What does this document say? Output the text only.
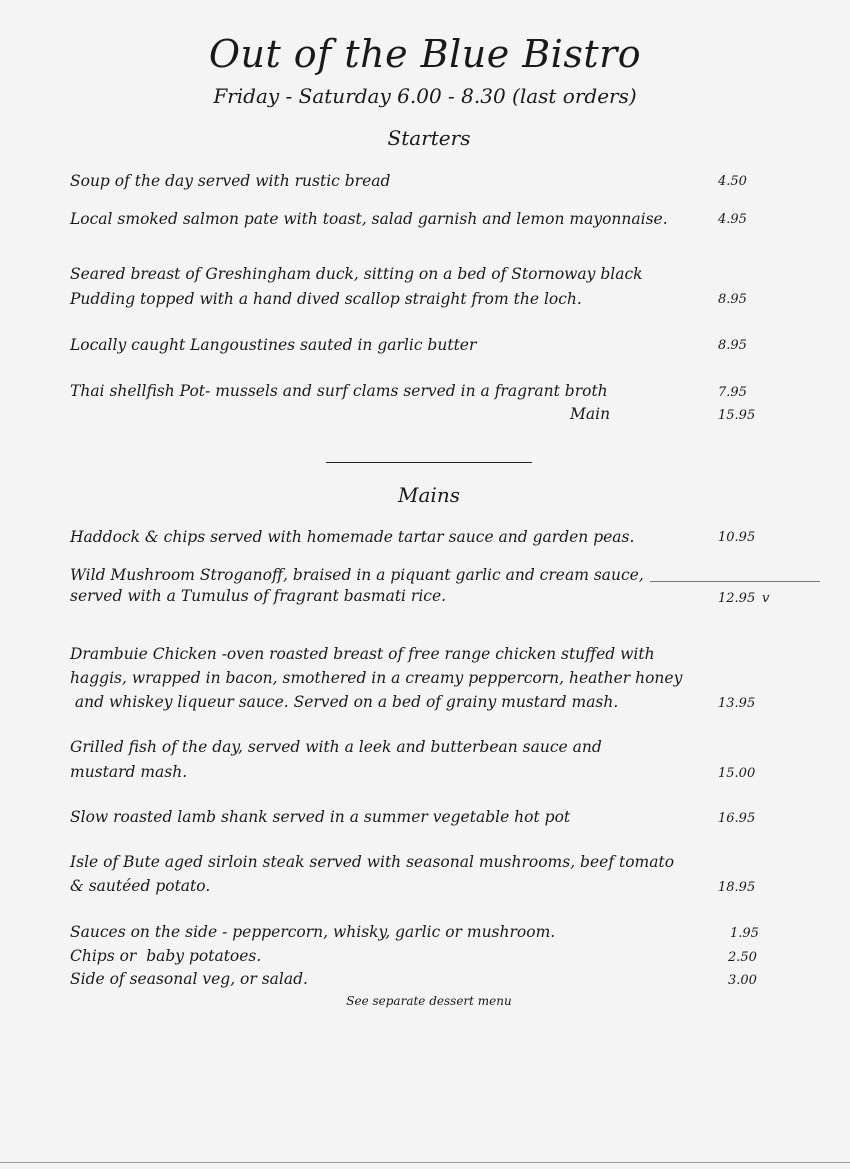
Out of the Blue Bistro
Friday - Saturday 6.00 - 8.30 (last orders)
Starters
Soup of the day served with rustic bread	4.50
Local smoked salmon pate with toast, salad garnish and lemon mayonnaise.	4.95
Seared breast of Greshingham duck, sitting on a bed of Stornoway black
Pudding topped with a hand dived scallop straight from the loch.	8.95
Locally caught Langoustines sauted in garlic butter	8.95
Thai shellfish Pot- mussels and surf clams served in a fragrant broth	7.95
Main	15.95
Mains
Haddock & chips served with homemade tartar sauce and garden peas.	10.95
Wild Mushroom Stroganoff, braised in a piquant garlic and cream sauce,
served with a Tumulus of fragrant basmati rice.	12.95 v
Drambuie Chicken -oven roasted breast of free range chicken stuffed with
haggis, wrapped in bacon, smothered in a creamy peppercorn, heather honey
and whiskey liqueur sauce. Served on a bed of grainy mustard mash.	13.95
Grilled fish of the day, served with a leek and butterbean sauce and
mustard mash.	15.00
Slow roasted lamb shank served in a summer vegetable hot pot	16.95
Isle of Bute aged sirloin steak served with seasonal mushrooms, beef tomato
& sautéed potato.	18.95
Sauces on the side - peppercorn, whisky, garlic or mushroom.	1.95
Chips or  baby potatoes.	2.50
Side of seasonal veg, or salad.	3.00
See separate dessert menu
